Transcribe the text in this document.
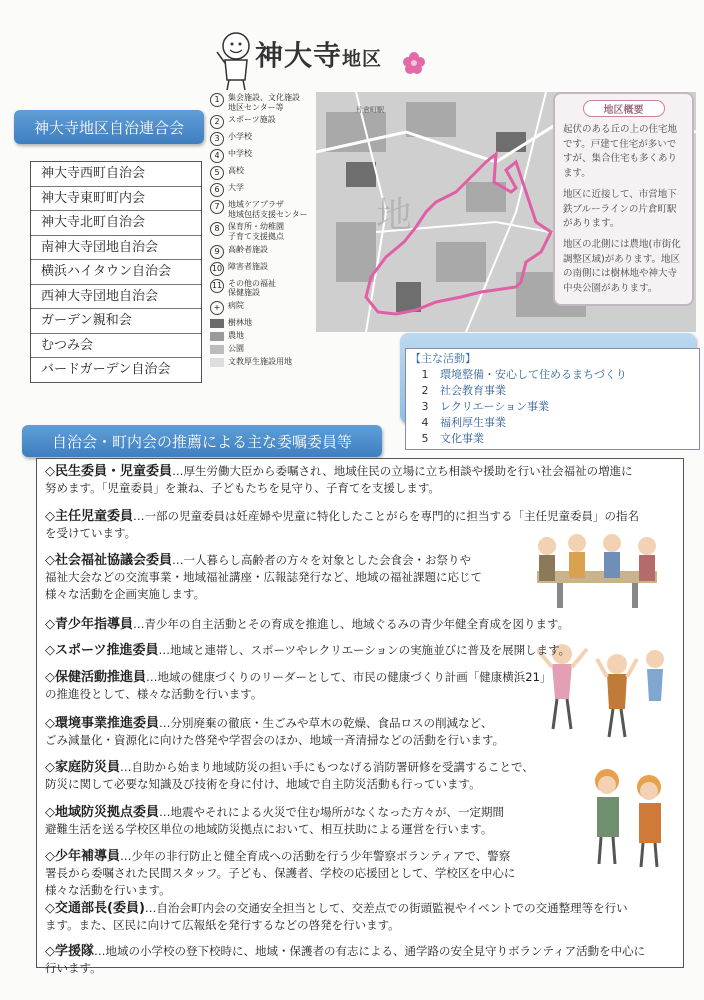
神大寺地区
1	集会施設、文化施設
地区センター等
2	スポーツ施設
3	小学校
4	中学校
5	高校
6	大学
7	地域ケアプラザ
地域包括支援センター
8	保育所・幼稚園
子育て支援拠点
9	高齢者施設
10 障害者施設
11 その他の福祉
保健施設
+ 病院
樹林地
農地
公園
文教厚生施設用地
神大寺地区自治連合会
神大寺西町自治会
神大寺東町町内会
神大寺北町自治会
南神大寺団地自治会
横浜ハイタウン自治会
西神大寺団地自治会
ガーデン親和会
むつみ会
バードガーデン自治会
地
片倉町駅	地区概要

起伏のある丘の上の住宅地です。戸建て住宅が多いですが、集合住宅も多くあります。

地区に近接して、市営地下鉄ブルーラインの片倉町駅があります。

地区の北側には農地(市街化調整区域)があります。地区の南側には樹林地や神大寺中央公園があります。

【主な活動】
1	環境整備・安心して住めるまちづくり
2	社会教育事業
3	レクリエーション事業
4	福利厚生事業
5	文化事業
自治会・町内会の推薦による主な委嘱委員等
◇民生委員・児童委員…厚生労働大臣から委嘱され、地域住民の立場に立ち相談や援助を行い社会福祉の増進に
努めます。「児童委員」を兼ね、子どもたちを見守り、子育てを支援します。
◇主任児童委員…一部の児童委員は妊産婦や児童に特化したことがらを専門的に担当する「主任児童委員」の指名
を受けています。
◇社会福祉協議会委員…一人暮らし高齢者の方々を対象とした会食会・お祭りや
福祉大会などの交流事業・地域福祉講座・広報誌発行など、地域の福祉課題に応じて
様々な活動を企画実施します。
◇青少年指導員…青少年の自主活動とその育成を推進し、地域ぐるみの青少年健全育成を図ります。
◇スポーツ推進委員…地域と連帯し、スポーツやレクリエーションの実施並びに普及を展開します。
◇保健活動推進員…地域の健康づくりのリーダーとして、市民の健康づくり計画「健康横浜21」
の推進役として、様々な活動を行います。
◇環境事業推進委員…分別廃棄の徹底・生ごみや草木の乾燥、食品ロスの削減など、
ごみ減量化・資源化に向けた啓発や学習会のほか、地域一斉清掃などの活動を行います。
◇家庭防災員…自助から始まり地域防災の担い手にもつなげる消防署研修を受講することで、
防災に関して必要な知識及び技術を身に付け、地域で自主防災活動も行っています。
◇地域防災拠点委員…地震やそれによる火災で住む場所がなくなった方々が、一定期間
避難生活を送る学校区単位の地域防災拠点において、相互扶助による運営を行います。
◇少年補導員…少年の非行防止と健全育成への活動を行う少年警察ボランティアで、警察
署長から委嘱された民間スタッフ。子ども、保護者、学校の応援団として、学校区を中心に
様々な活動を行います。
◇交通部長(委員)…自治会町内会の交通安全担当として、交差点での街頭監視やイベントでの交通整理等を行い
ます。また、区民に向けて広報紙を発行するなどの啓発を行います。
◇学援隊…地域の小学校の登下校時に、地域・保護者の有志による、通学路の安全見守りボランティア活動を中心に
行います。
